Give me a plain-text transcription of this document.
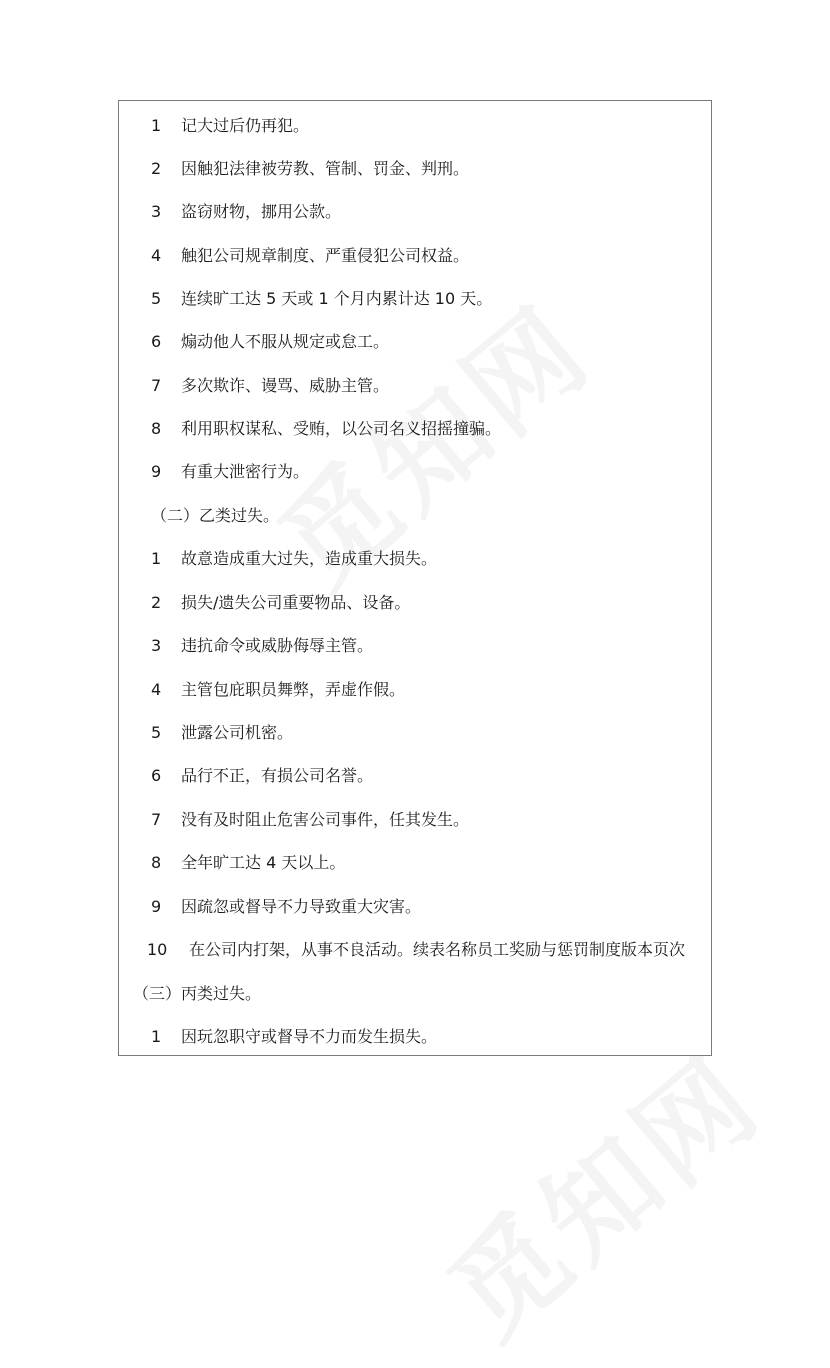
1 记大过后仍再犯。
2 因触犯法律被劳教、管制、罚金、判刑。
3 盗窃财物，挪用公款。
4 触犯公司规章制度、严重侵犯公司权益。
5 连续旷工达 5 天或 1 个月内累计达 10 天。
6 煽动他人不服从规定或怠工。
7 多次欺诈、谩骂、威胁主管。
8 利用职权谋私、受贿，以公司名义招摇撞骗。
9 有重大泄密行为。
（二）乙类过失。
1 故意造成重大过失，造成重大损失。
2 损失/遗失公司重要物品、设备。
3 违抗命令或威胁侮辱主管。
4 主管包庇职员舞弊，弄虚作假。
5 泄露公司机密。
6 品行不正，有损公司名誉。
7 没有及时阻止危害公司事件，任其发生。
8 全年旷工达 4 天以上。
9 因疏忽或督导不力导致重大灾害。
10 在公司内打架，从事不良活动。续表名称员工奖励与惩罚制度版本页次
（三）丙类过失。
1 因玩忽职守或督导不力而发生损失。
